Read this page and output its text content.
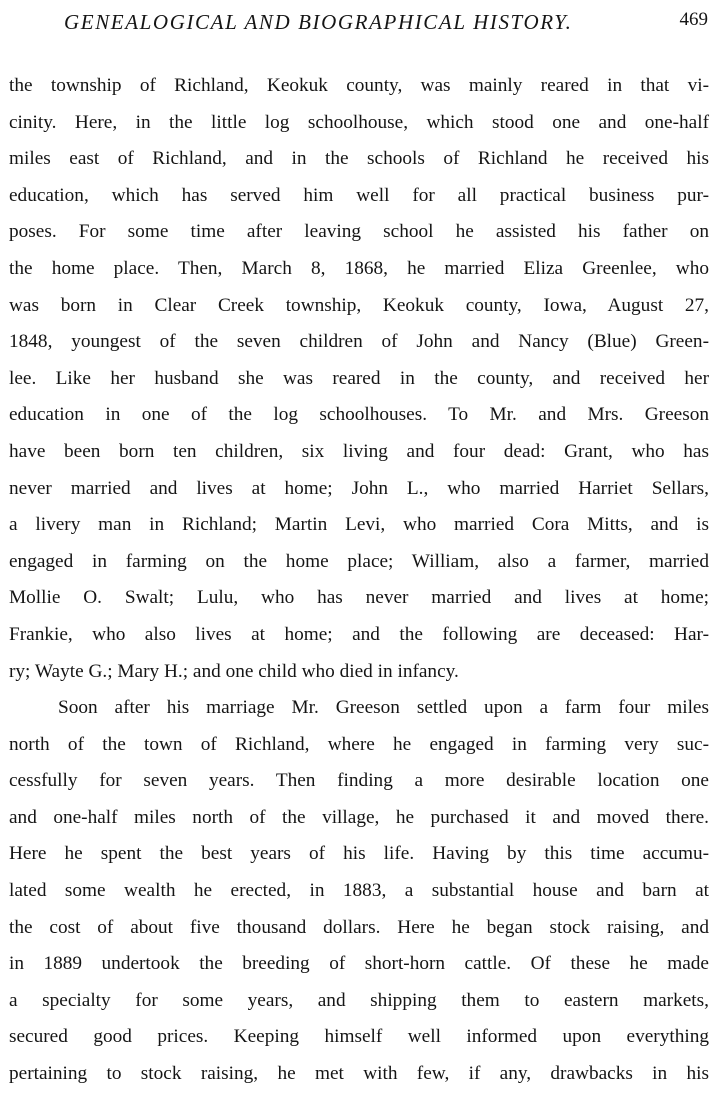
GENEALOGICAL AND BIOGRAPHICAL HISTORY.	469
the township of Richland, Keokuk county, was mainly reared in that vi-
cinity. Here, in the little log schoolhouse, which stood one and one-half
miles east of Richland, and in the schools of Richland he received his
education, which has served him well for all practical business pur-
poses. For some time after leaving school he assisted his father on
the home place. Then, March 8, 1868, he married Eliza Greenlee, who
was born in Clear Creek township, Keokuk county, Iowa, August 27,
1848, youngest of the seven children of John and Nancy (Blue) Green-
lee. Like her husband she was reared in the county, and received her
education in one of the log schoolhouses. To Mr. and Mrs. Greeson
have been born ten children, six living and four dead: Grant, who has
never married and lives at home; John L., who married Harriet Sellars,
a livery man in Richland; Martin Levi, who married Cora Mitts, and is
engaged in farming on the home place; William, also a farmer, married
Mollie O. Swalt; Lulu, who has never married and lives at home;
Frankie, who also lives at home; and the following are deceased: Har-
ry; Wayte G.; Mary H.; and one child who died in infancy.
Soon after his marriage Mr. Greeson settled upon a farm four miles
north of the town of Richland, where he engaged in farming very suc-
cessfully for seven years. Then finding a more desirable location one
and one-half miles north of the village, he purchased it and moved there.
Here he spent the best years of his life. Having by this time accumu-
lated some wealth he erected, in 1883, a substantial house and barn at
the cost of about five thousand dollars. Here he began stock raising, and
in 1889 undertook the breeding of short-horn cattle. Of these he made
a specialty for some years, and shipping them to eastern markets,
secured good prices. Keeping himself well informed upon everything
pertaining to stock raising, he met with few, if any, drawbacks in his
